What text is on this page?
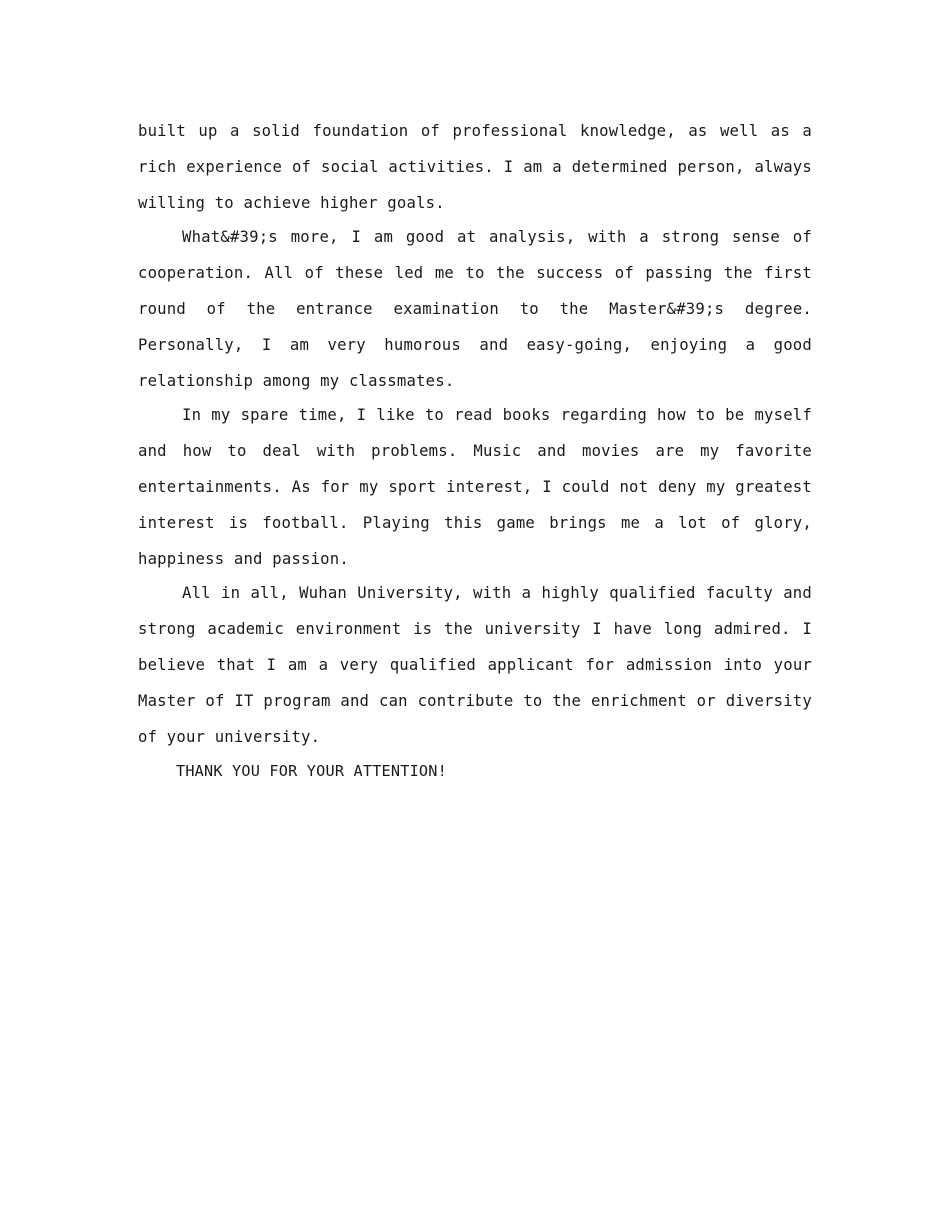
built up a solid foundation of professional knowledge, as well as a rich experience of social activities. I am a determined person, always willing to achieve higher goals.

What&#39;s more, I am good at analysis, with a strong sense of cooperation. All of these led me to the success of passing the first round of the entrance examination to the Master&#39;s degree. Personally, I am very humorous and easy-going, enjoying a good relationship among my classmates.

In my spare time, I like to read books regarding how to be myself and how to deal with problems. Music and movies are my favorite entertainments. As for my sport interest, I could not deny my greatest interest is football. Playing this game brings me a lot of glory, happiness and passion.

All in all, Wuhan University, with a highly qualified faculty and strong academic environment is the university I have long admired. I believe that I am a very qualified applicant for admission into your Master of IT program and can contribute to the enrichment or diversity of your university.

THANK YOU FOR YOUR ATTENTION!
